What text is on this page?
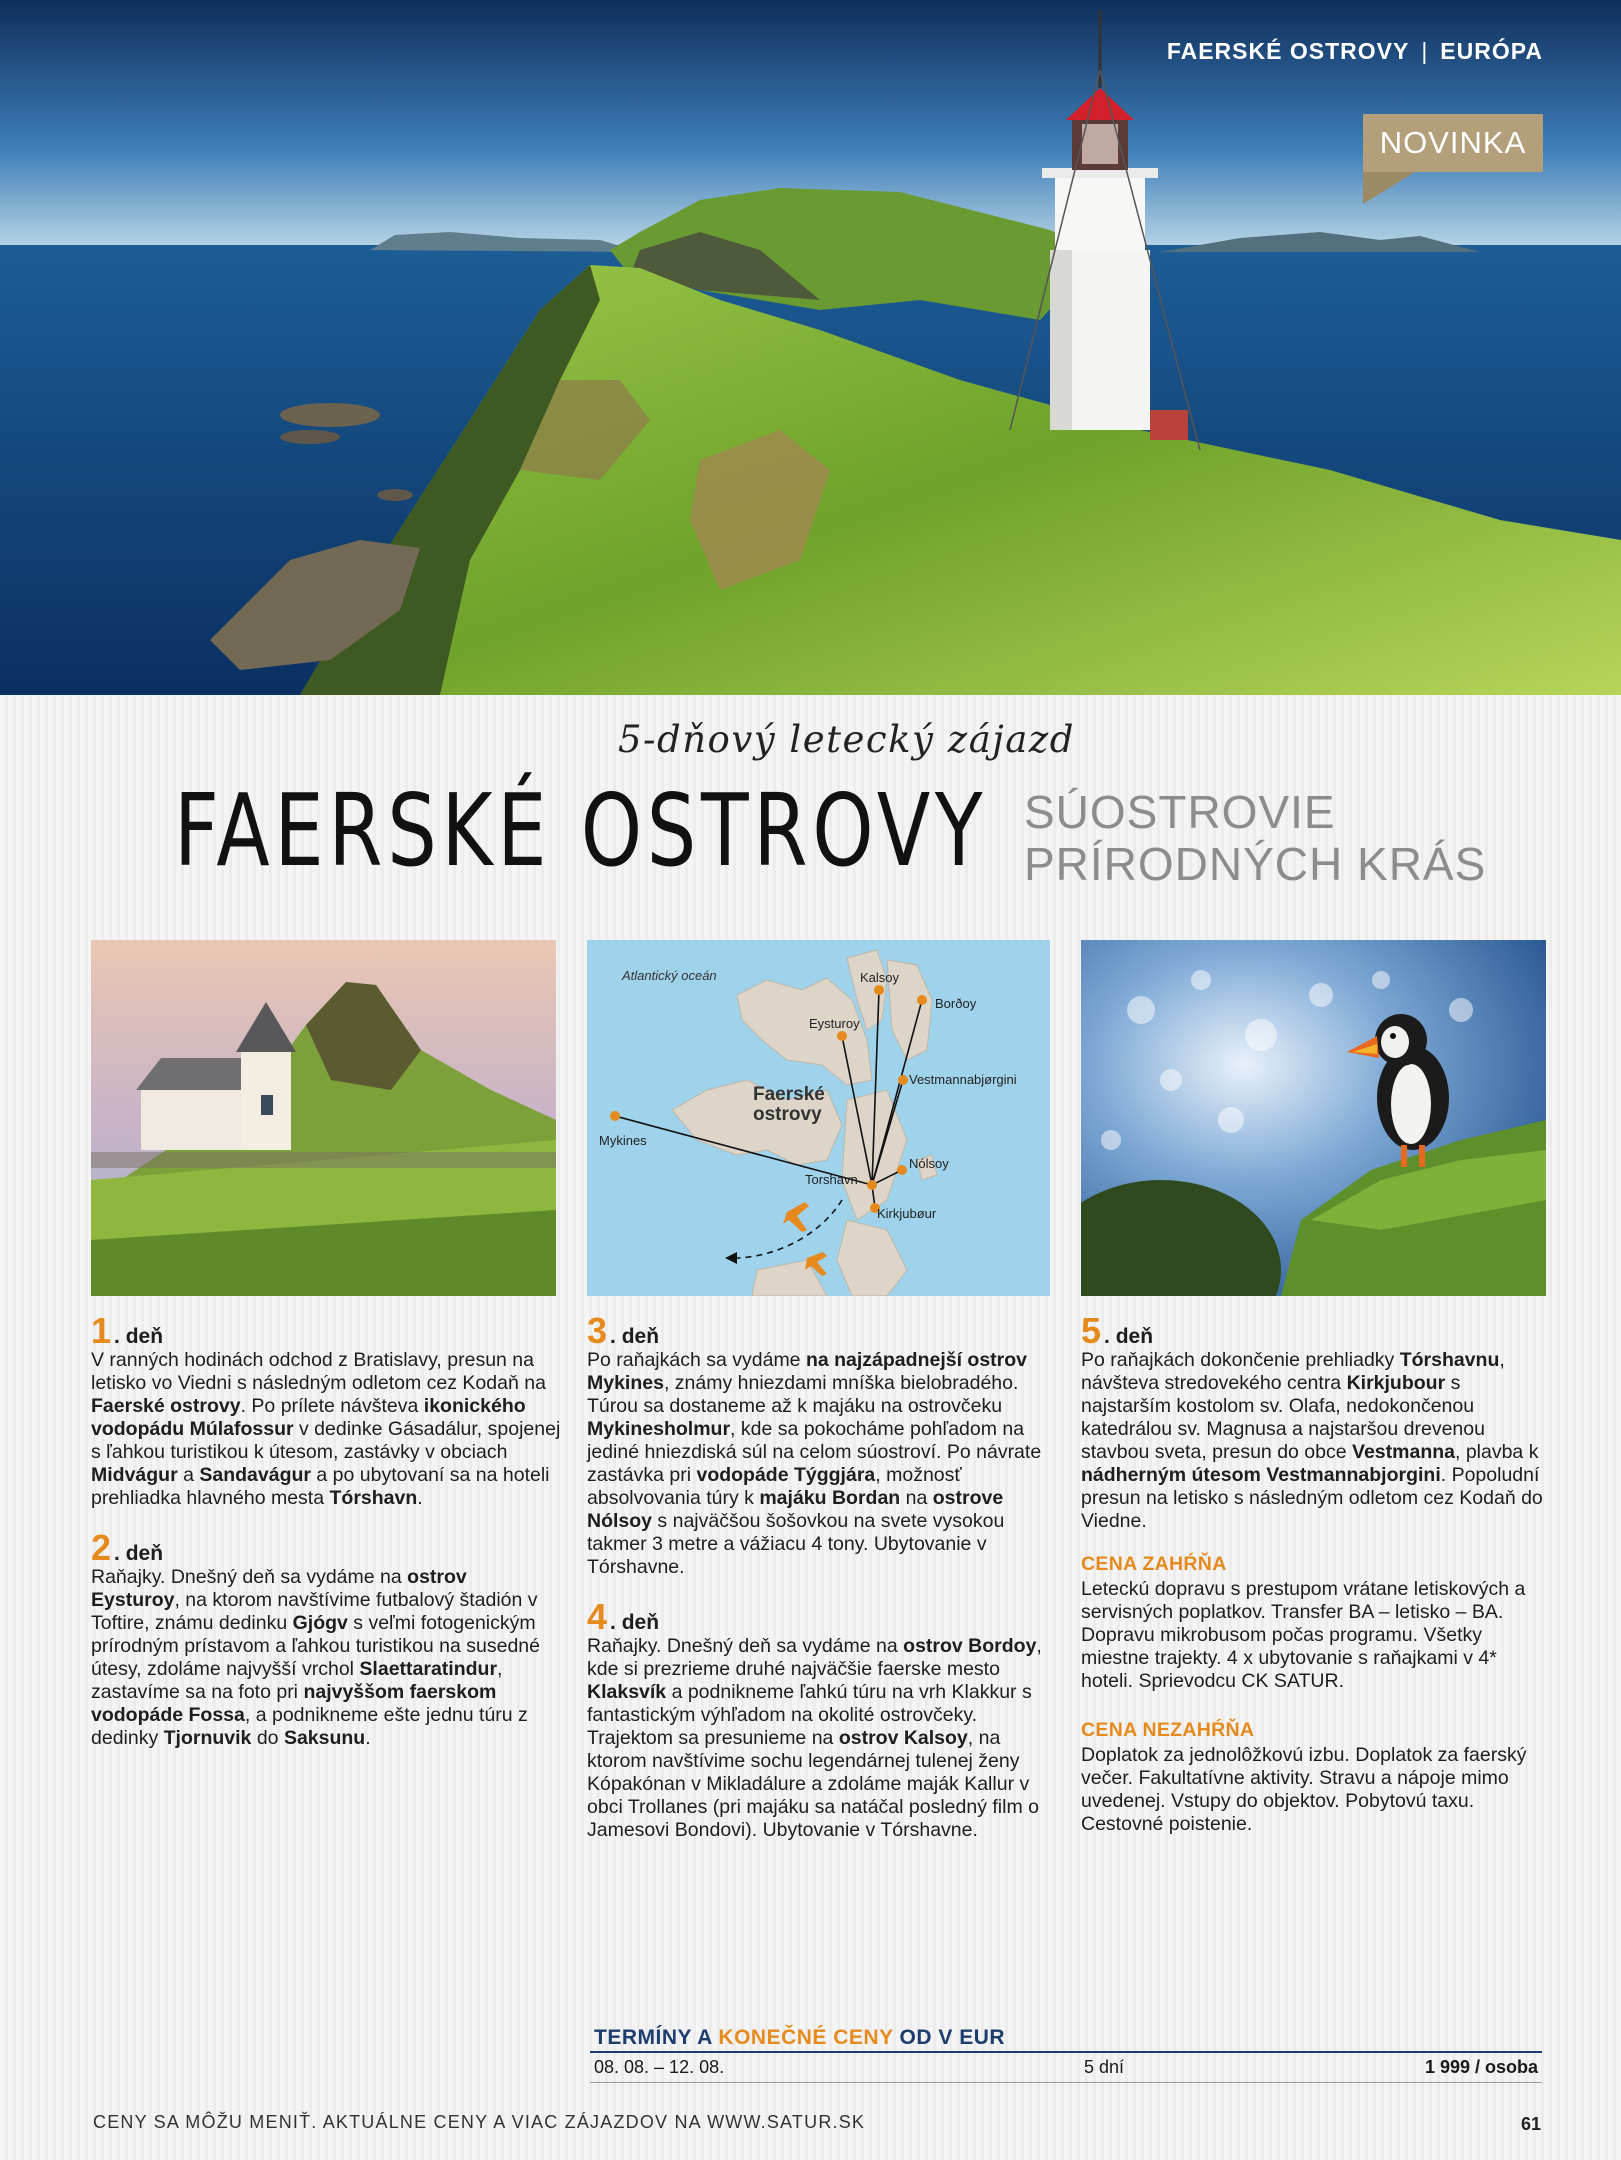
FAERSKÉ OSTROVY | EURÓPA
NOVINKA
5-dňový letecký zájazd
FAERSKÉ OSTROVY SÚOSTROVIE
PRÍRODNÝCH KRÁS
Atlantický oceán
Faerské
ostrovy
Kalsoy
Borðoy
Eysturoy
Vestmannabjørgini
Mykines
Nólsoy
Torshavn
Kirkjubøur
1 . deň
V ranných hodinách odchod z Bratislavy, presun na letisko vo Viedni s následným odletom cez Kodaň na Faerské ostrovy. Po prílete návšteva ikonického vodopádu Múlafossur v dedinke Gásadálur, spojenej s ľahkou turistikou k útesom, zastávky v obciach Midvágur a Sandavágur a po ubytovaní sa na hoteli prehliadka hlavného mesta Tórshavn.
2 . deň
Raňajky. Dnešný deň sa vydáme na ostrov Eysturoy, na ktorom navštívime futbalový štadión v Toftire, známu dedinku Gjógv s veľmi fotogenickým prírodným prístavom a ľahkou turistikou na susedné útesy, zdoláme najvyšší vrchol Slaettaratindur, zastavíme sa na foto pri najvyššom faerskom vodopáde Fossa, a podnikneme ešte jednu túru z dedinky Tjornuvik do Saksunu.
3 . deň
Po raňajkách sa vydáme na najzápadnejší ostrov Mykines, známy hniezdami mníška bielobradého. Túrou sa dostaneme až k majáku na ostrovčeku Mykinesholmur, kde sa pokocháme pohľadom na jediné hniezdiská súl na celom súostroví. Po návrate zastávka pri vodopáde Týggjára, možnosť absolvovania túry k majáku Bordan na ostrove Nólsoy s najväčšou šošovkou na svete vysokou takmer 3 metre a vážiacu 4 tony. Ubytovanie v Tórshavne.
4 . deň
Raňajky. Dnešný deň sa vydáme na ostrov Bordoy, kde si prezrieme druhé najväčšie faerske mesto Klaksvík a podnikneme ľahkú túru na vrh Klakkur s fantastickým výhľadom na okolité ostrovčeky. Trajektom sa presunieme na ostrov Kalsoy, na ktorom navštívime sochu legendárnej tulenej ženy Kópakónan v Mikladálure a zdoláme maják Kallur v obci Trollanes (pri majáku sa natáčal posledný film o Jamesovi Bondovi). Ubytovanie v Tórshavne.
5 . deň
Po raňajkách dokončenie prehliadky Tórshavnu, návšteva stredovekého centra Kirkjubour s najstarším kostolom sv. Olafa, nedokončenou katedrálou sv. Magnusa a najstaršou drevenou stavbou sveta, presun do obce Vestmanna, plavba k nádherným útesom Vestmannabjorgini. Popoludní presun na letisko s následným odletom cez Kodaň do Viedne.
CENA ZAHŔŇA
Leteckú dopravu s prestupom vrátane letiskových a servisných poplatkov. Transfer BA – letisko – BA. Dopravu mikrobusom počas programu. Všetky miestne trajekty. 4 x ubytovanie s raňajkami v 4* hoteli. Sprievodcu CK SATUR.
CENA NEZAHŔŇA
Doplatok za jednolôžkovú izbu. Doplatok za faerský večer. Fakultatívne aktivity. Stravu a nápoje mimo uvedenej. Vstupy do objektov. Pobytovú taxu. Cestovné poistenie.
TERMÍNY A KONEČNÉ CENY OD V EUR
08. 08. – 12. 08.	5 dní	1 999 / osoba
CENY SA MÔŽU MENIŤ. AKTUÁLNE CENY A VIAC ZÁJAZDOV NA WWW.SATUR.SK	61
